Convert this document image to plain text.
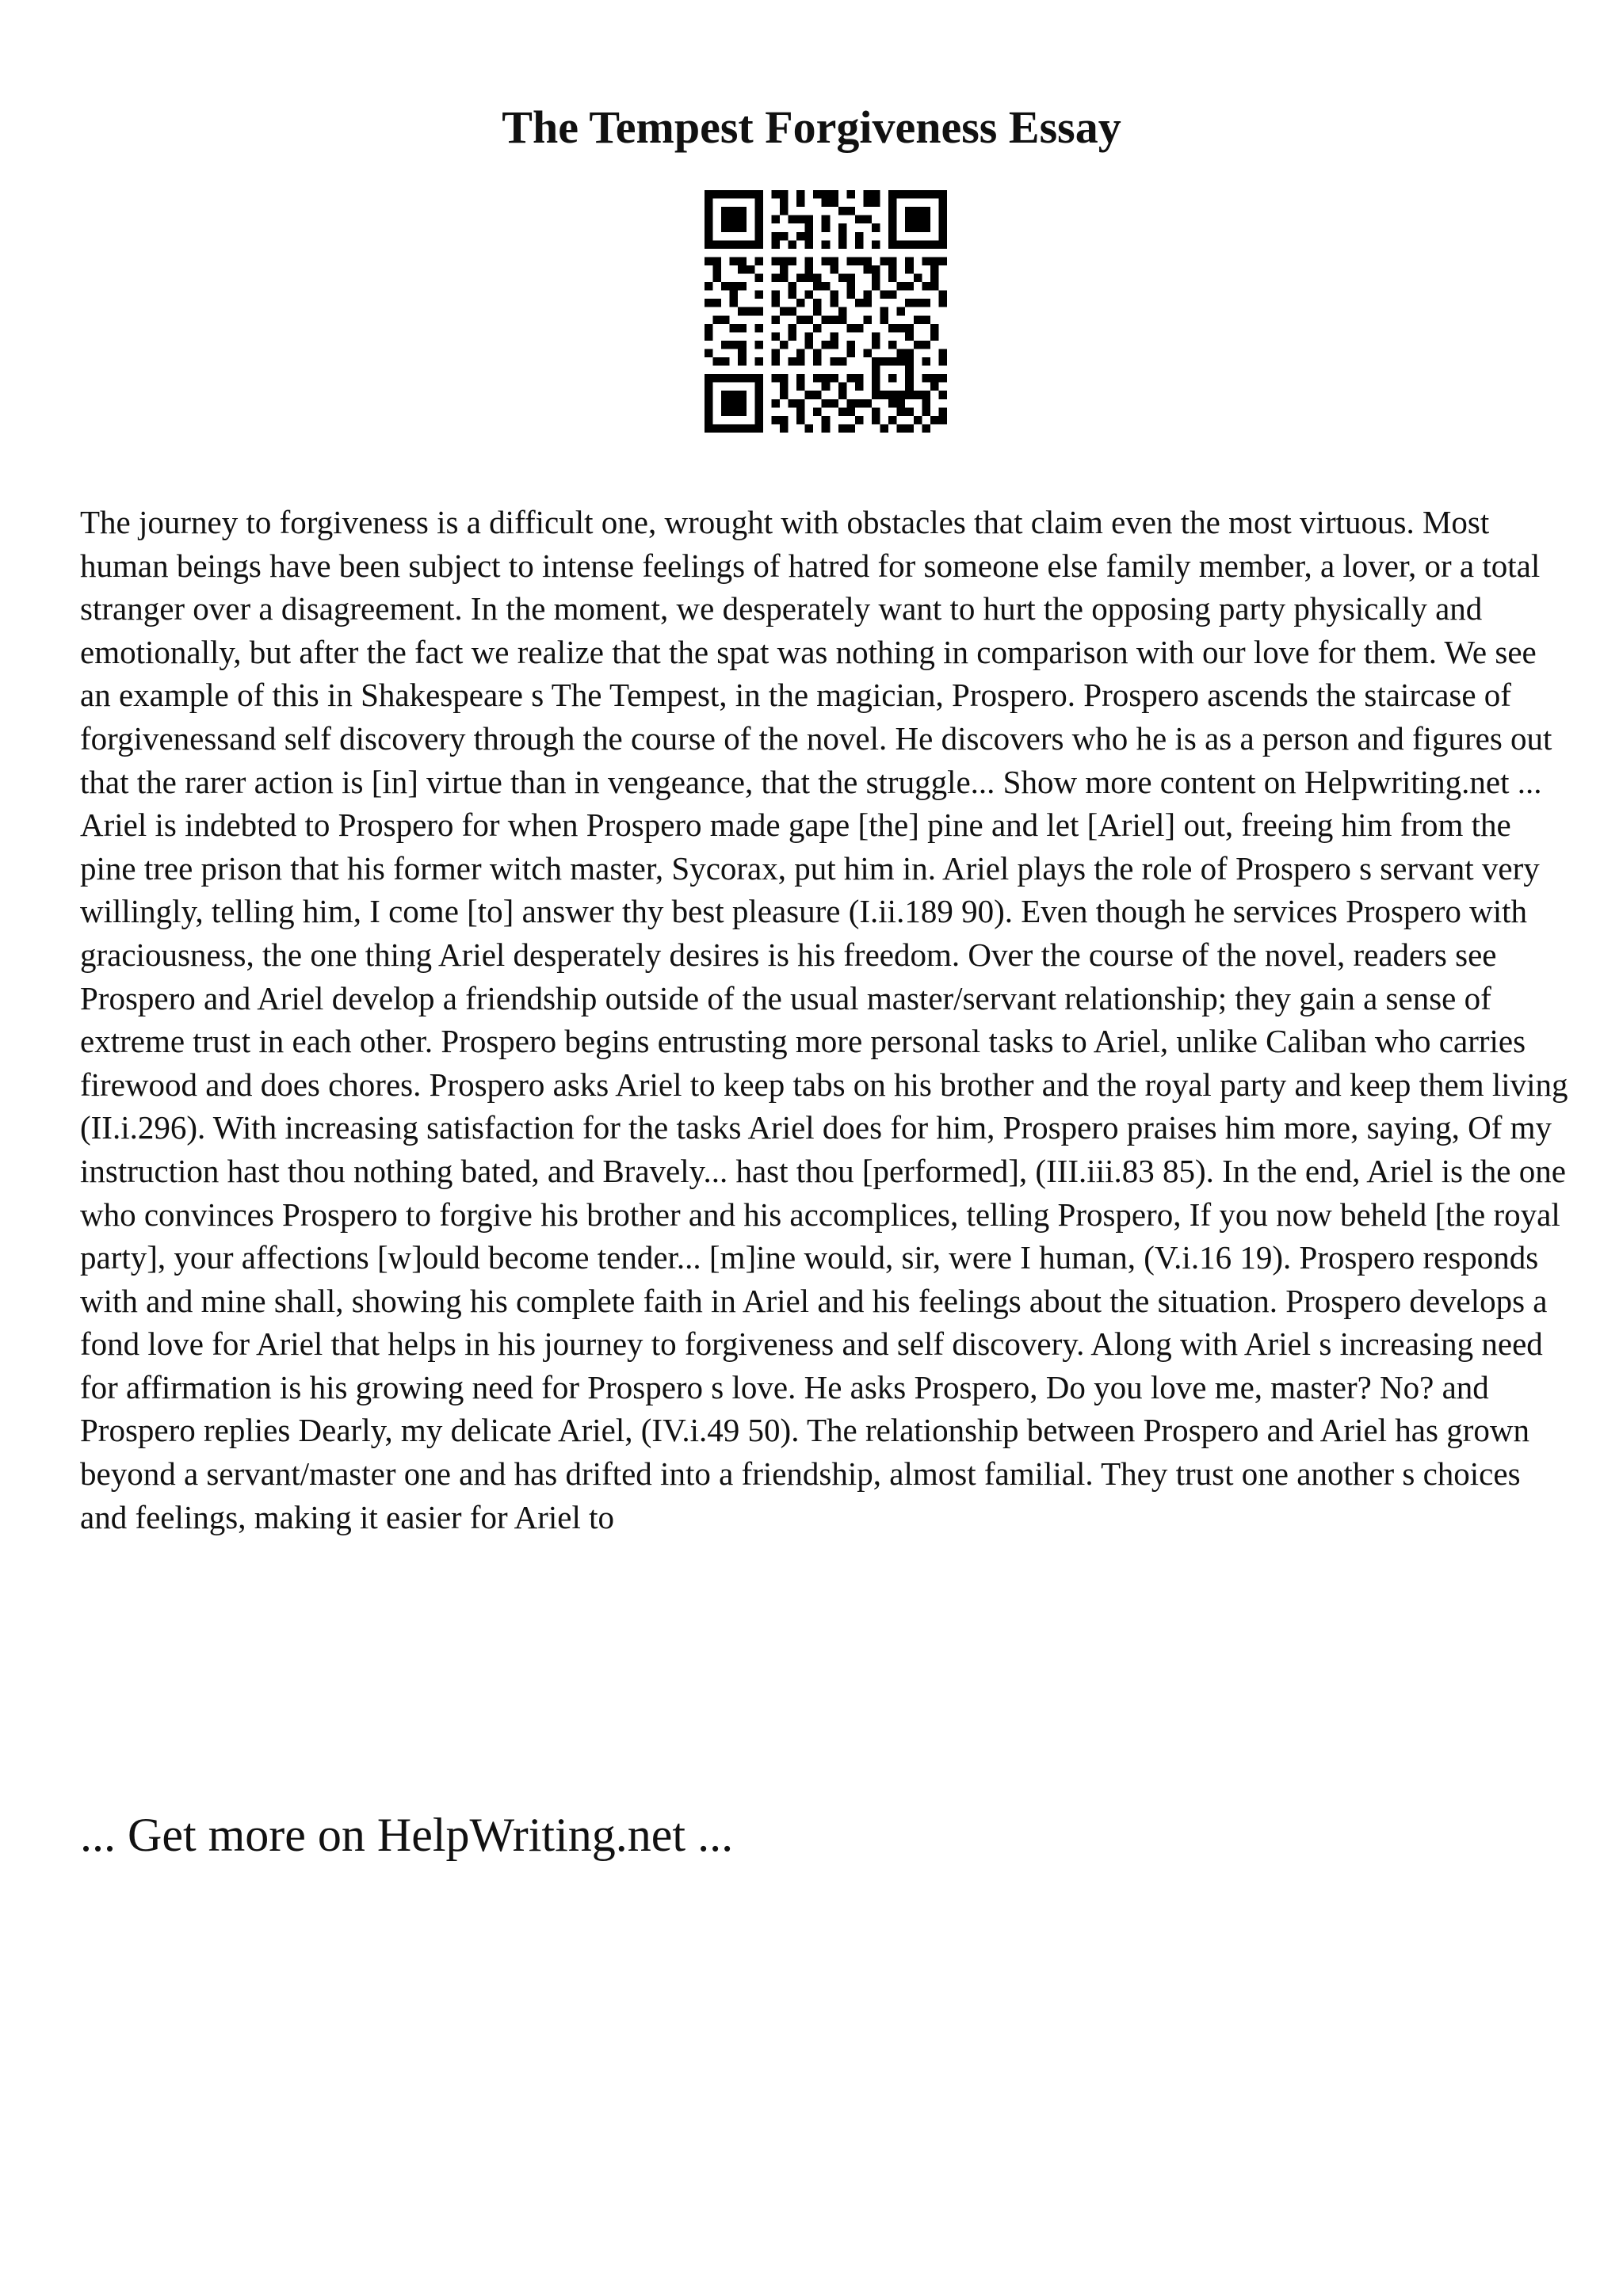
The Tempest Forgiveness Essay

The journey to forgiveness is a difficult one, wrought with obstacles that claim even the most virtuous. Most human beings have been subject to intense feelings of hatred for someone else family member, a lover, or a total stranger over a disagreement. In the moment, we desperately want to hurt the opposing party physically and emotionally, but after the fact we realize that the spat was nothing in comparison with our love for them. We see an example of this in Shakespeare s The Tempest, in the magician, Prospero. Prospero ascends the staircase of forgivenessand self discovery through the course of the novel. He discovers who he is as a person and figures out that the rarer action is [in] virtue than in vengeance, that the struggle... Show more content on Helpwriting.net ...

Ariel is indebted to Prospero for when Prospero made gape [the] pine and let [Ariel] out, freeing him from the pine tree prison that his former witch master, Sycorax, put him in. Ariel plays the role of Prospero s servant very willingly, telling him, I come [to] answer thy best pleasure (I.ii.189 90). Even though he services Prospero with graciousness, the one thing Ariel desperately desires is his freedom. Over the course of the novel, readers see Prospero and Ariel develop a friendship outside of the usual master/servant relationship; they gain a sense of extreme trust in each other. Prospero begins entrusting more personal tasks to Ariel, unlike Caliban who carries firewood and does chores. Prospero asks Ariel to keep tabs on his brother and the royal party and keep them living (II.i.296). With increasing satisfaction for the tasks Ariel does for him, Prospero praises him more, saying, Of my instruction hast thou nothing bated, and Bravely... hast thou [performed], (III.iii.83 85). In the end, Ariel is the one who convinces Prospero to forgive his brother and his accomplices, telling Prospero, If you now beheld [the royal party], your affections [w]ould become tender... [m]ine would, sir, were I human, (V.i.16 19). Prospero responds with and mine shall, showing his complete faith in Ariel and his feelings about the situation. Prospero develops a fond love for Ariel that helps in his journey to forgiveness and self discovery. Along with Ariel s increasing need for affirmation is his growing need for Prospero s love. He asks Prospero, Do you love me, master? No? and Prospero replies Dearly, my delicate Ariel, (IV.i.49 50). The relationship between Prospero and Ariel has grown beyond a servant/master one and has drifted into a friendship, almost familial. They trust one another s choices and feelings, making it easier for Ariel to

... Get more on HelpWriting.net ...
